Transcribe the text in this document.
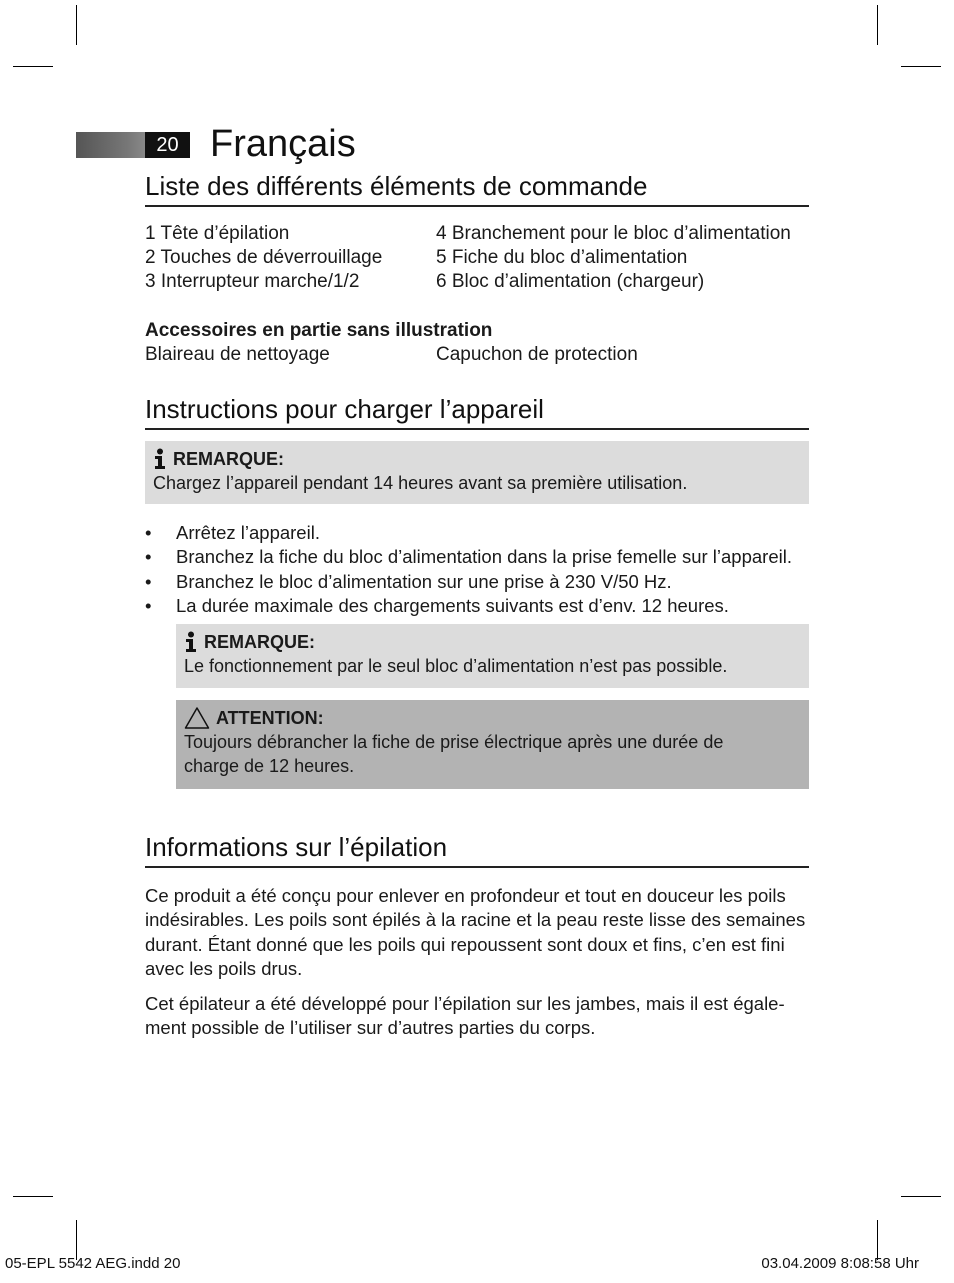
20 Français
Liste des différents éléments de commande
1 Tête d’épilation
2 Touches de déverrouillage
3 Interrupteur marche/1/2
4 Branchement pour le bloc d’alimentation
5 Fiche du bloc d’alimentation
6 Bloc d’alimentation (chargeur)
Accessoires en partie sans illustration
Blaireau de nettoyage	Capuchon de protection
Instructions pour charger l’appareil
REMARQUE:
Chargez l’appareil pendant 14 heures avant sa première utilisation.
• Arrêtez l’appareil.
• Branchez la fiche du bloc d’alimentation dans la prise femelle sur l’appareil.
• Branchez le bloc d’alimentation sur une prise à 230 V/50 Hz.
• La durée maximale des chargements suivants est d’env. 12 heures.
REMARQUE:
Le fonctionnement par le seul bloc d’alimentation n’est pas possible.
ATTENTION:
Toujours débrancher la fiche de prise électrique après une durée de
charge de 12 heures.
Informations sur l’épilation
Ce produit a été conçu pour enlever en profondeur et tout en douceur les poils
indésirables. Les poils sont épilés à la racine et la peau reste lisse des semaines
durant. Étant donné que les poils qui repoussent sont doux et fins, c’en est fini
avec les poils drus.
Cet épilateur a été développé pour l’épilation sur les jambes, mais il est égale-
ment possible de l’utiliser sur d’autres parties du corps.
05-EPL 5542 AEG.indd 20	03.04.2009 8:08:58 Uhr
